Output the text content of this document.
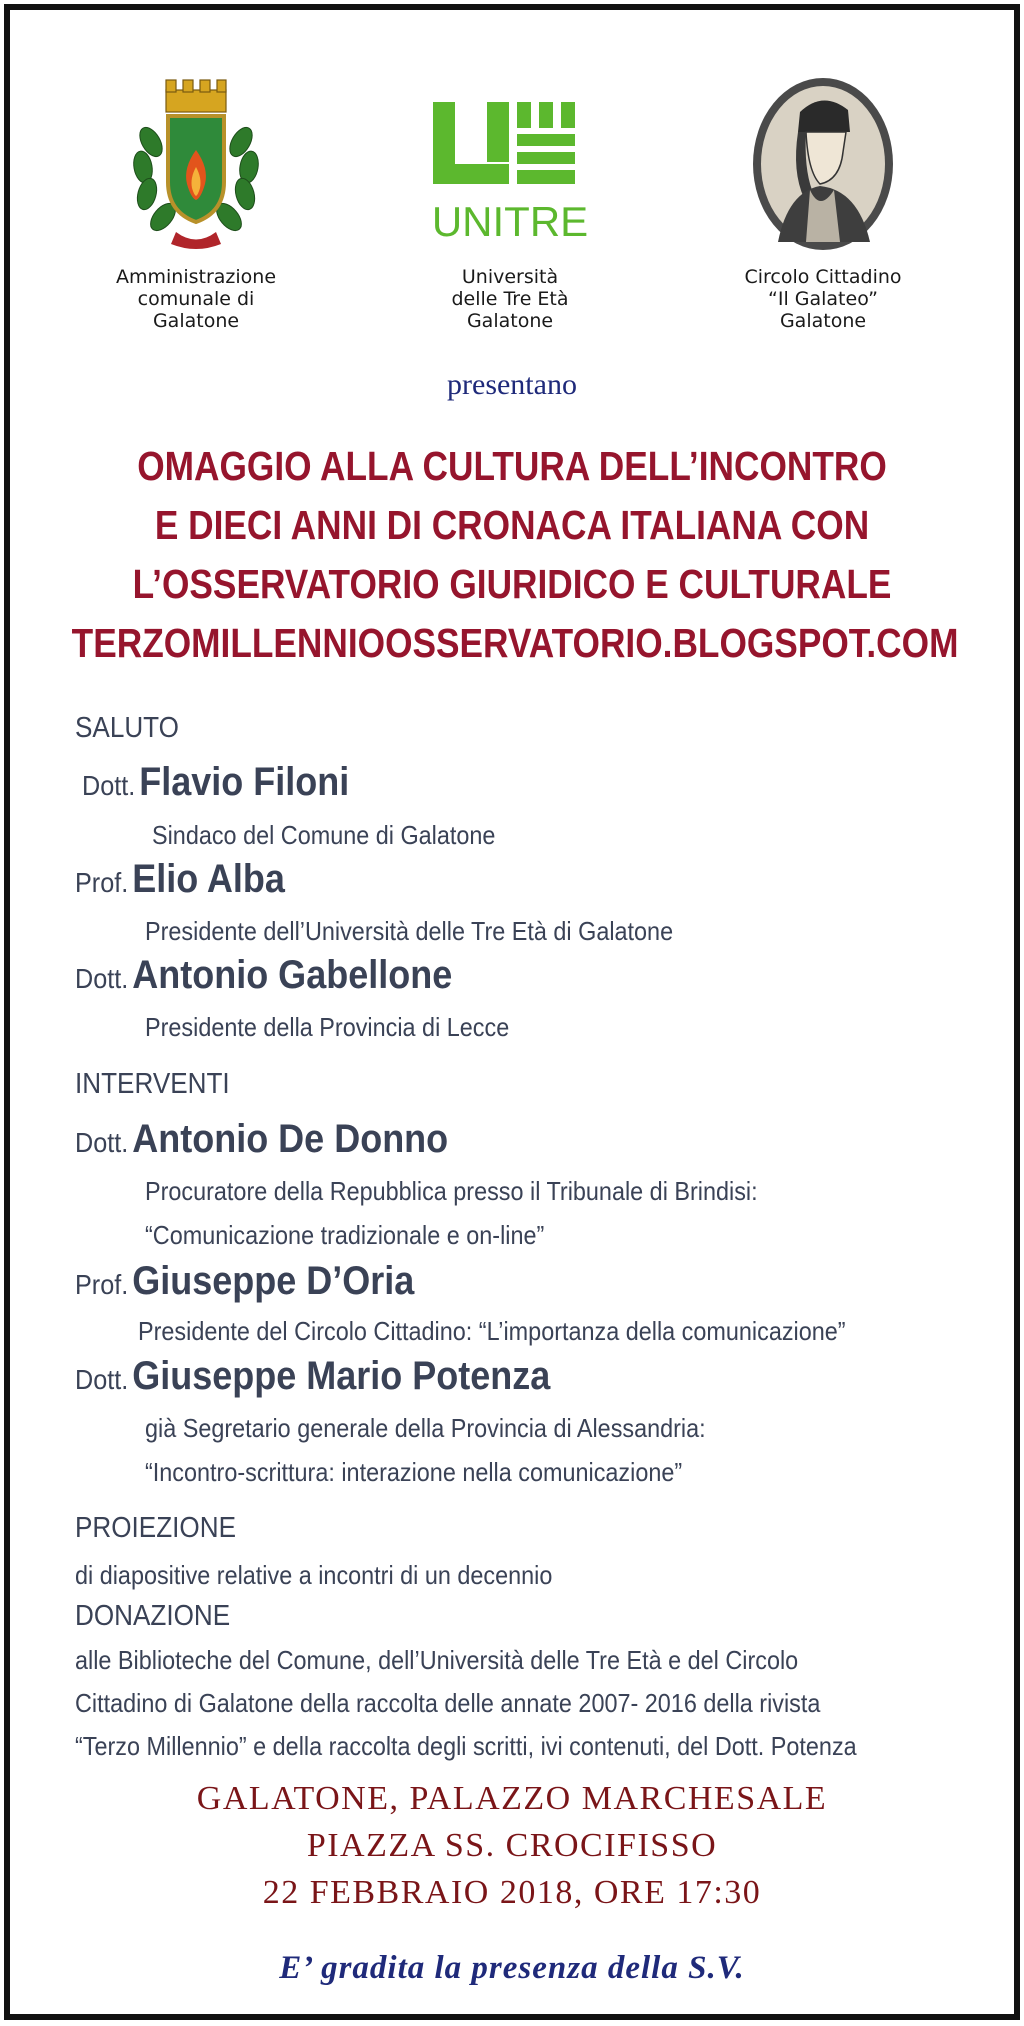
Amministrazione
comunale di
Galatone
UNITRE
Università
delle Tre Età
Galatone
Circolo Cittadino
“Il Galateo”
Galatone
presentano
OMAGGIO ALLA CULTURA DELL’INCONTRO
E DIECI ANNI DI CRONACA ITALIANA CON
L’OSSERVATORIO GIURIDICO E CULTURALE
TERZOMILLENNIOOSSERVATORIO.BLOGSPOT.COM
SALUTO
Dott. Flavio Filoni
Sindaco del Comune di Galatone
Prof. Elio Alba
Presidente dell’Università delle Tre Età di Galatone
Dott. Antonio Gabellone
Presidente della Provincia di Lecce
INTERVENTI
Dott. Antonio De Donno
Procuratore della Repubblica presso il Tribunale di Brindisi:
“Comunicazione tradizionale e on-line”
Prof. Giuseppe D’Oria
Presidente del Circolo Cittadino: “L’importanza della comunicazione”
Dott. Giuseppe Mario Potenza
già Segretario generale della Provincia di Alessandria:
“Incontro-scrittura: interazione nella comunicazione”
PROIEZIONE
di diapositive relative a incontri di un decennio
DONAZIONE
alle Biblioteche del Comune, dell’Università delle Tre Età e del Circolo
Cittadino di Galatone della raccolta delle annate 2007- 2016 della rivista
“Terzo Millennio” e della raccolta degli scritti, ivi contenuti, del Dott. Potenza
GALATONE, PALAZZO MARCHESALE
PIAZZA SS. CROCIFISSO
22 FEBBRAIO 2018, ORE 17:30
E’ gradita la presenza della S.V.
